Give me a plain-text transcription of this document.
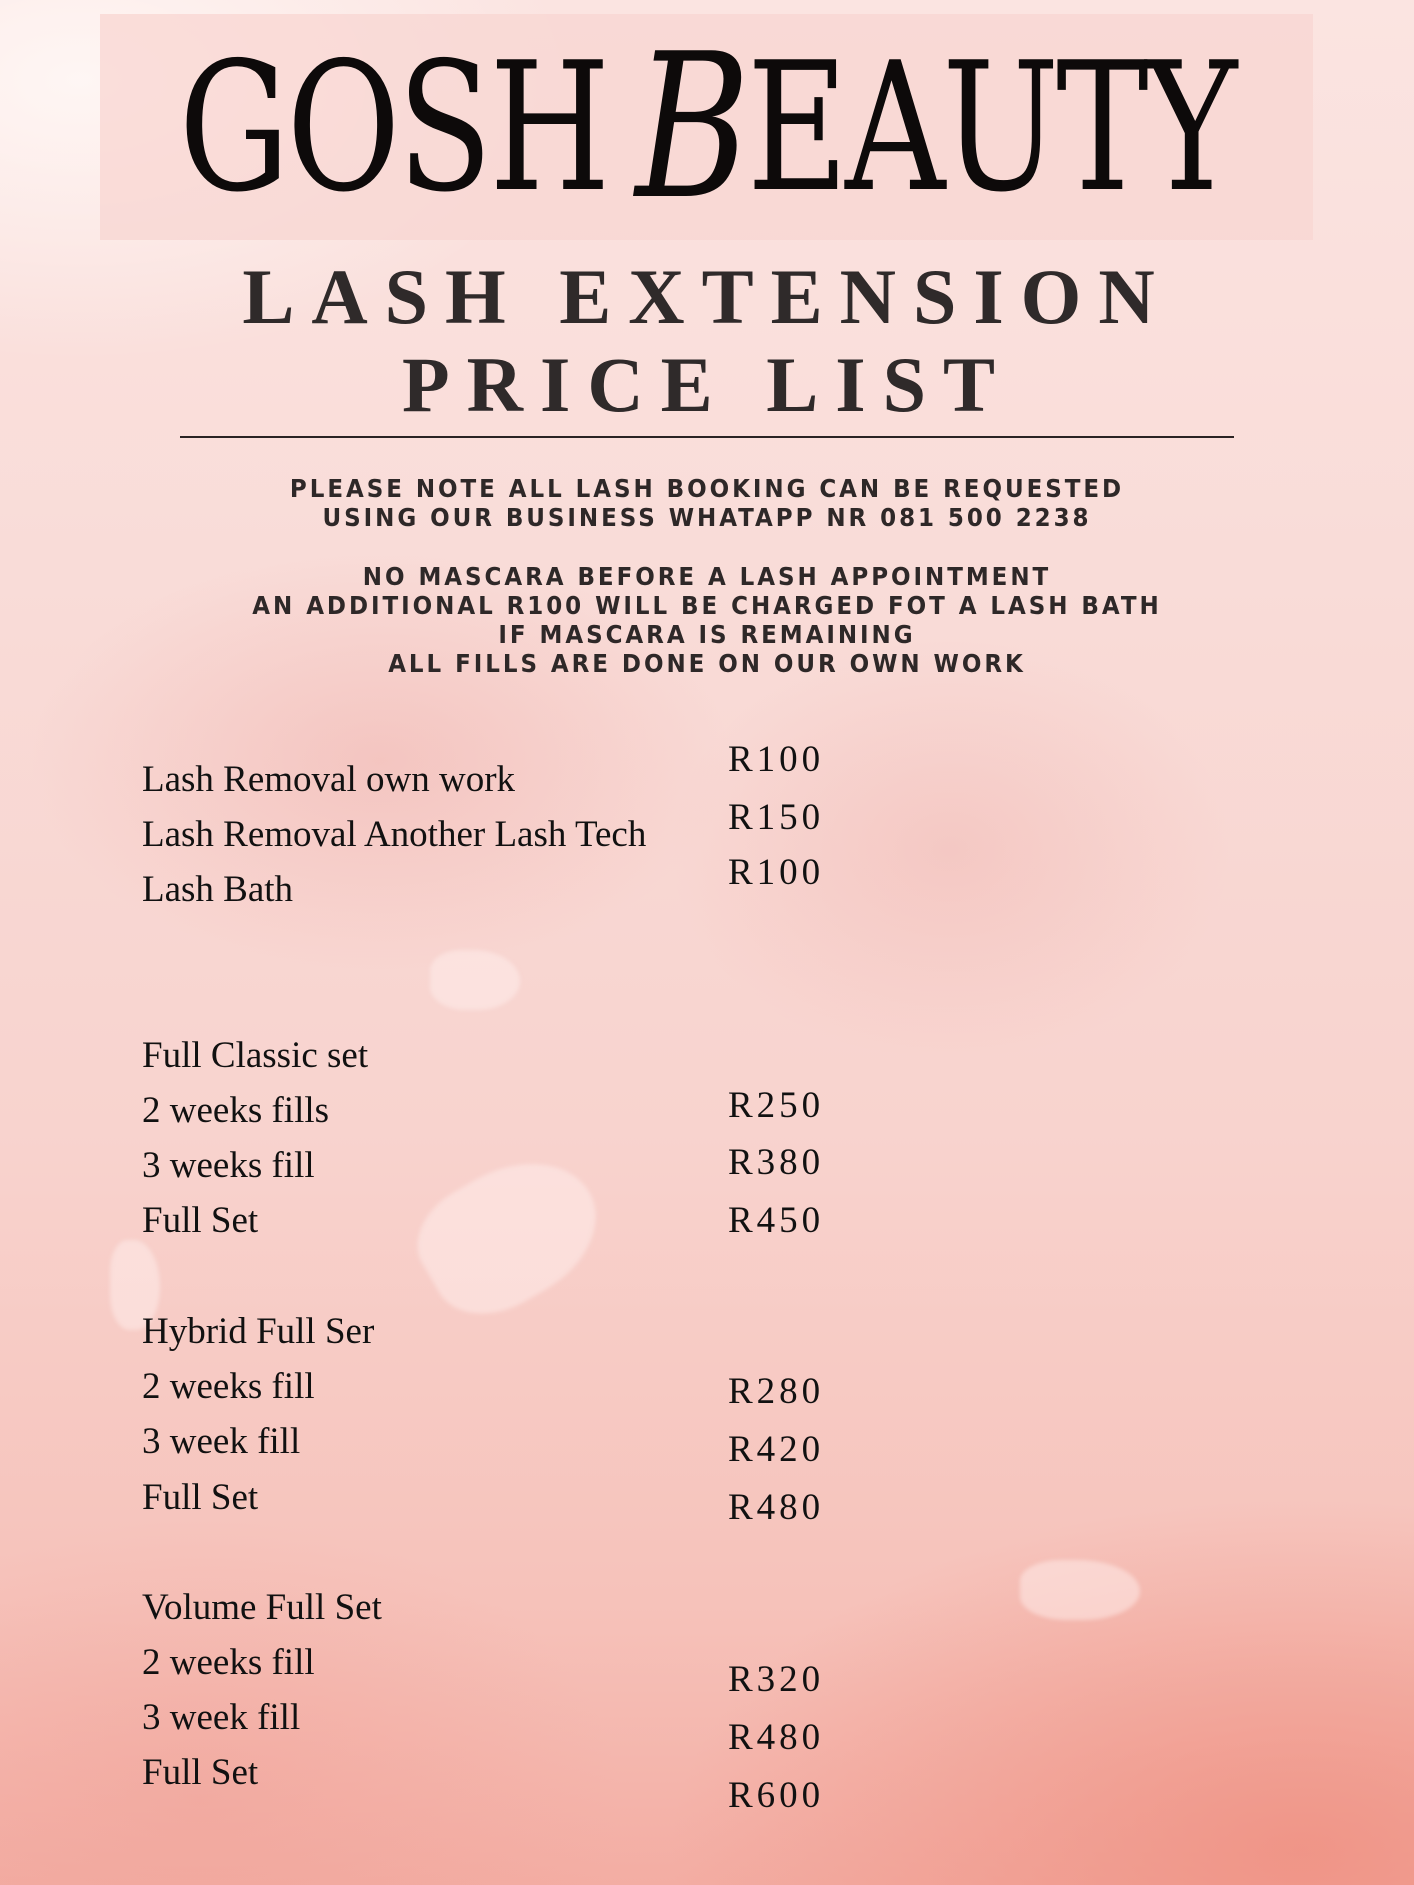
GOSH B EAUTY
LASH EXTENSION
PRICE LIST
PLEASE NOTE ALL LASH BOOKING CAN BE REQUESTED
USING OUR BUSINESS WHATAPP NR 081 500 2238
NO MASCARA BEFORE A LASH APPOINTMENT
AN ADDITIONAL R100 WILL BE CHARGED FOT A LASH BATH
IF MASCARA IS REMAINING
ALL FILLS ARE DONE ON OUR OWN WORK
Lash Removal own work
Lash Removal Another Lash Tech
Lash Bath
R100
R150
R100
Full Classic set
2 weeks fills
3 weeks fill
Full Set
R250
R380
R450
Hybrid Full Ser
2 weeks fill
3 week fill
Full Set
R280
R420
R480
Volume Full Set
2 weeks fill
3 week fill
Full Set
R320
R480
R600
